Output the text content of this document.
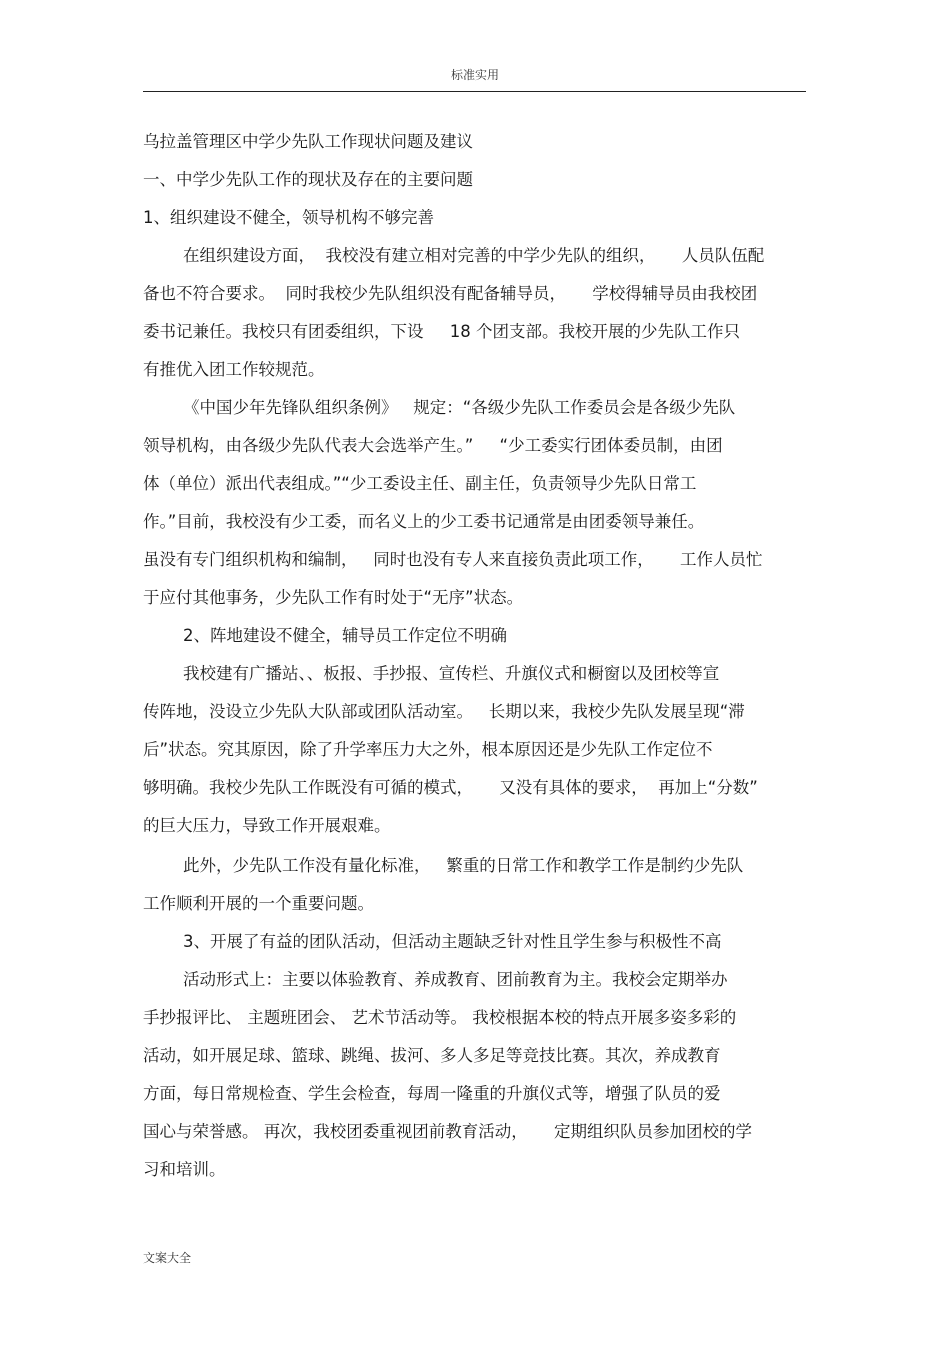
标准实用
乌拉盖管理区中学少先队工作现状问题及建议
一、中学少先队工作的现状及存在的主要问题
1、组织建设不健全，领导机构不够完善
在组织建设方面，  我校没有建立相对完善的中学少先队的组织，     人员队伍配
备也不符合要求。  同时我校少先队组织没有配备辅导员，     学校得辅导员由我校团
委书记兼任。我校只有团委组织，下设     18 个团支部。我校开展的少先队工作只
有推优入团工作较规范。
《中国少年先锋队组织条例》   规定：“各级少先队工作委员会是各级少先队
领导机构，由各级少先队代表大会选举产生。”     “少工委实行团体委员制，由团
体（单位）派出代表组成。”“少工委设主任、副主任，负责领导少先队日常工
作。”目前，我校没有少工委，而名义上的少工委书记通常是由团委领导兼任。
虽没有专门组织机构和编制，   同时也没有专人来直接负责此项工作，     工作人员忙
于应付其他事务，少先队工作有时处于“无序”状态。
2、阵地建设不健全，辅导员工作定位不明确
我校建有广播站、、板报、手抄报、宣传栏、升旗仪式和橱窗以及团校等宣
传阵地，没设立少先队大队部或团队活动室。   长期以来，我校少先队发展呈现“滞
后”状态。究其原因，除了升学率压力大之外，根本原因还是少先队工作定位不
够明确。我校少先队工作既没有可循的模式，     又没有具体的要求，  再加上“分数”
的巨大压力，导致工作开展艰难。
此外，少先队工作没有量化标准，   繁重的日常工作和教学工作是制约少先队
工作顺利开展的一个重要问题。
3、开展了有益的团队活动，但活动主题缺乏针对性且学生参与积极性不高
活动形式上：主要以体验教育、养成教育、团前教育为主。我校会定期举办
手抄报评比、 主题班团会、 艺术节活动等。 我校根据本校的特点开展多姿多彩的
活动，如开展足球、篮球、跳绳、拔河、多人多足等竞技比赛。其次，养成教育
方面，每日常规检查、学生会检查，每周一隆重的升旗仪式等，增强了队员的爱
国心与荣誉感。 再次，我校团委重视团前教育活动，     定期组织队员参加团校的学
习和培训。
文案大全
